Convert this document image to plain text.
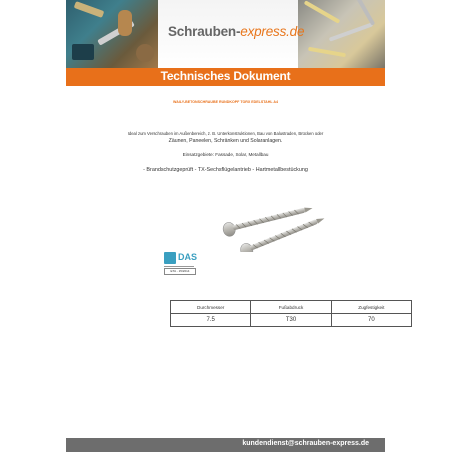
Schrauben-express.de
Technisches Dokument
WAILY-BETONSCHRAUBE RUNDKOPF TORX EDELSTAHL A4
Ideal zum Verschrauben im Außenbereich, z. B. Unterkonstruktionen, Bau von Balustraden, Brücken oder
Zäunen, Paneelen, Schränken und Solaranlagen.
Einsatzgebiete: Fassade, Solar, Metallbau
- Brandschutzgeprüft - TX-Sechsflügelantrieb - Hartmetallbestückung
DAS
ETA - 15/2014
Durchmesser	Fußabdruck	Zugfestigkeit
7.5	T30	70
kundendienst@schrauben-express.de
